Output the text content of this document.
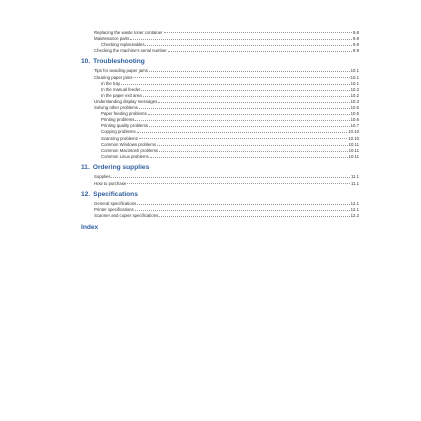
Replacing the waste toner container	9.8
Maintenance parts	9.9
Checking replaceables	9.9
Checking the machine's serial number	9.9
10. Troubleshooting
Tips for avoiding paper jams	10.1
Clearing paper jams	10.1
In the tray	10.1
In the manual feeder	10.2
In the paper exit area	10.2
Understanding display messages	10.3
Solving other problems	10.5
Paper feeding problems	10.5
Printing problems	10.6
Printing quality problems	10.7
Copying problems	10.10
Scanning problems	10.10
Common Windows problems	10.11
Common Macintosh problems	10.11
Common Linux problems	10.11
11. Ordering supplies
Supplies	11.1
How to purchase	11.1
12. Specifications
General specifications	12.1
Printer specifications	12.1
Scanner and copier specifications	12.2
Index
